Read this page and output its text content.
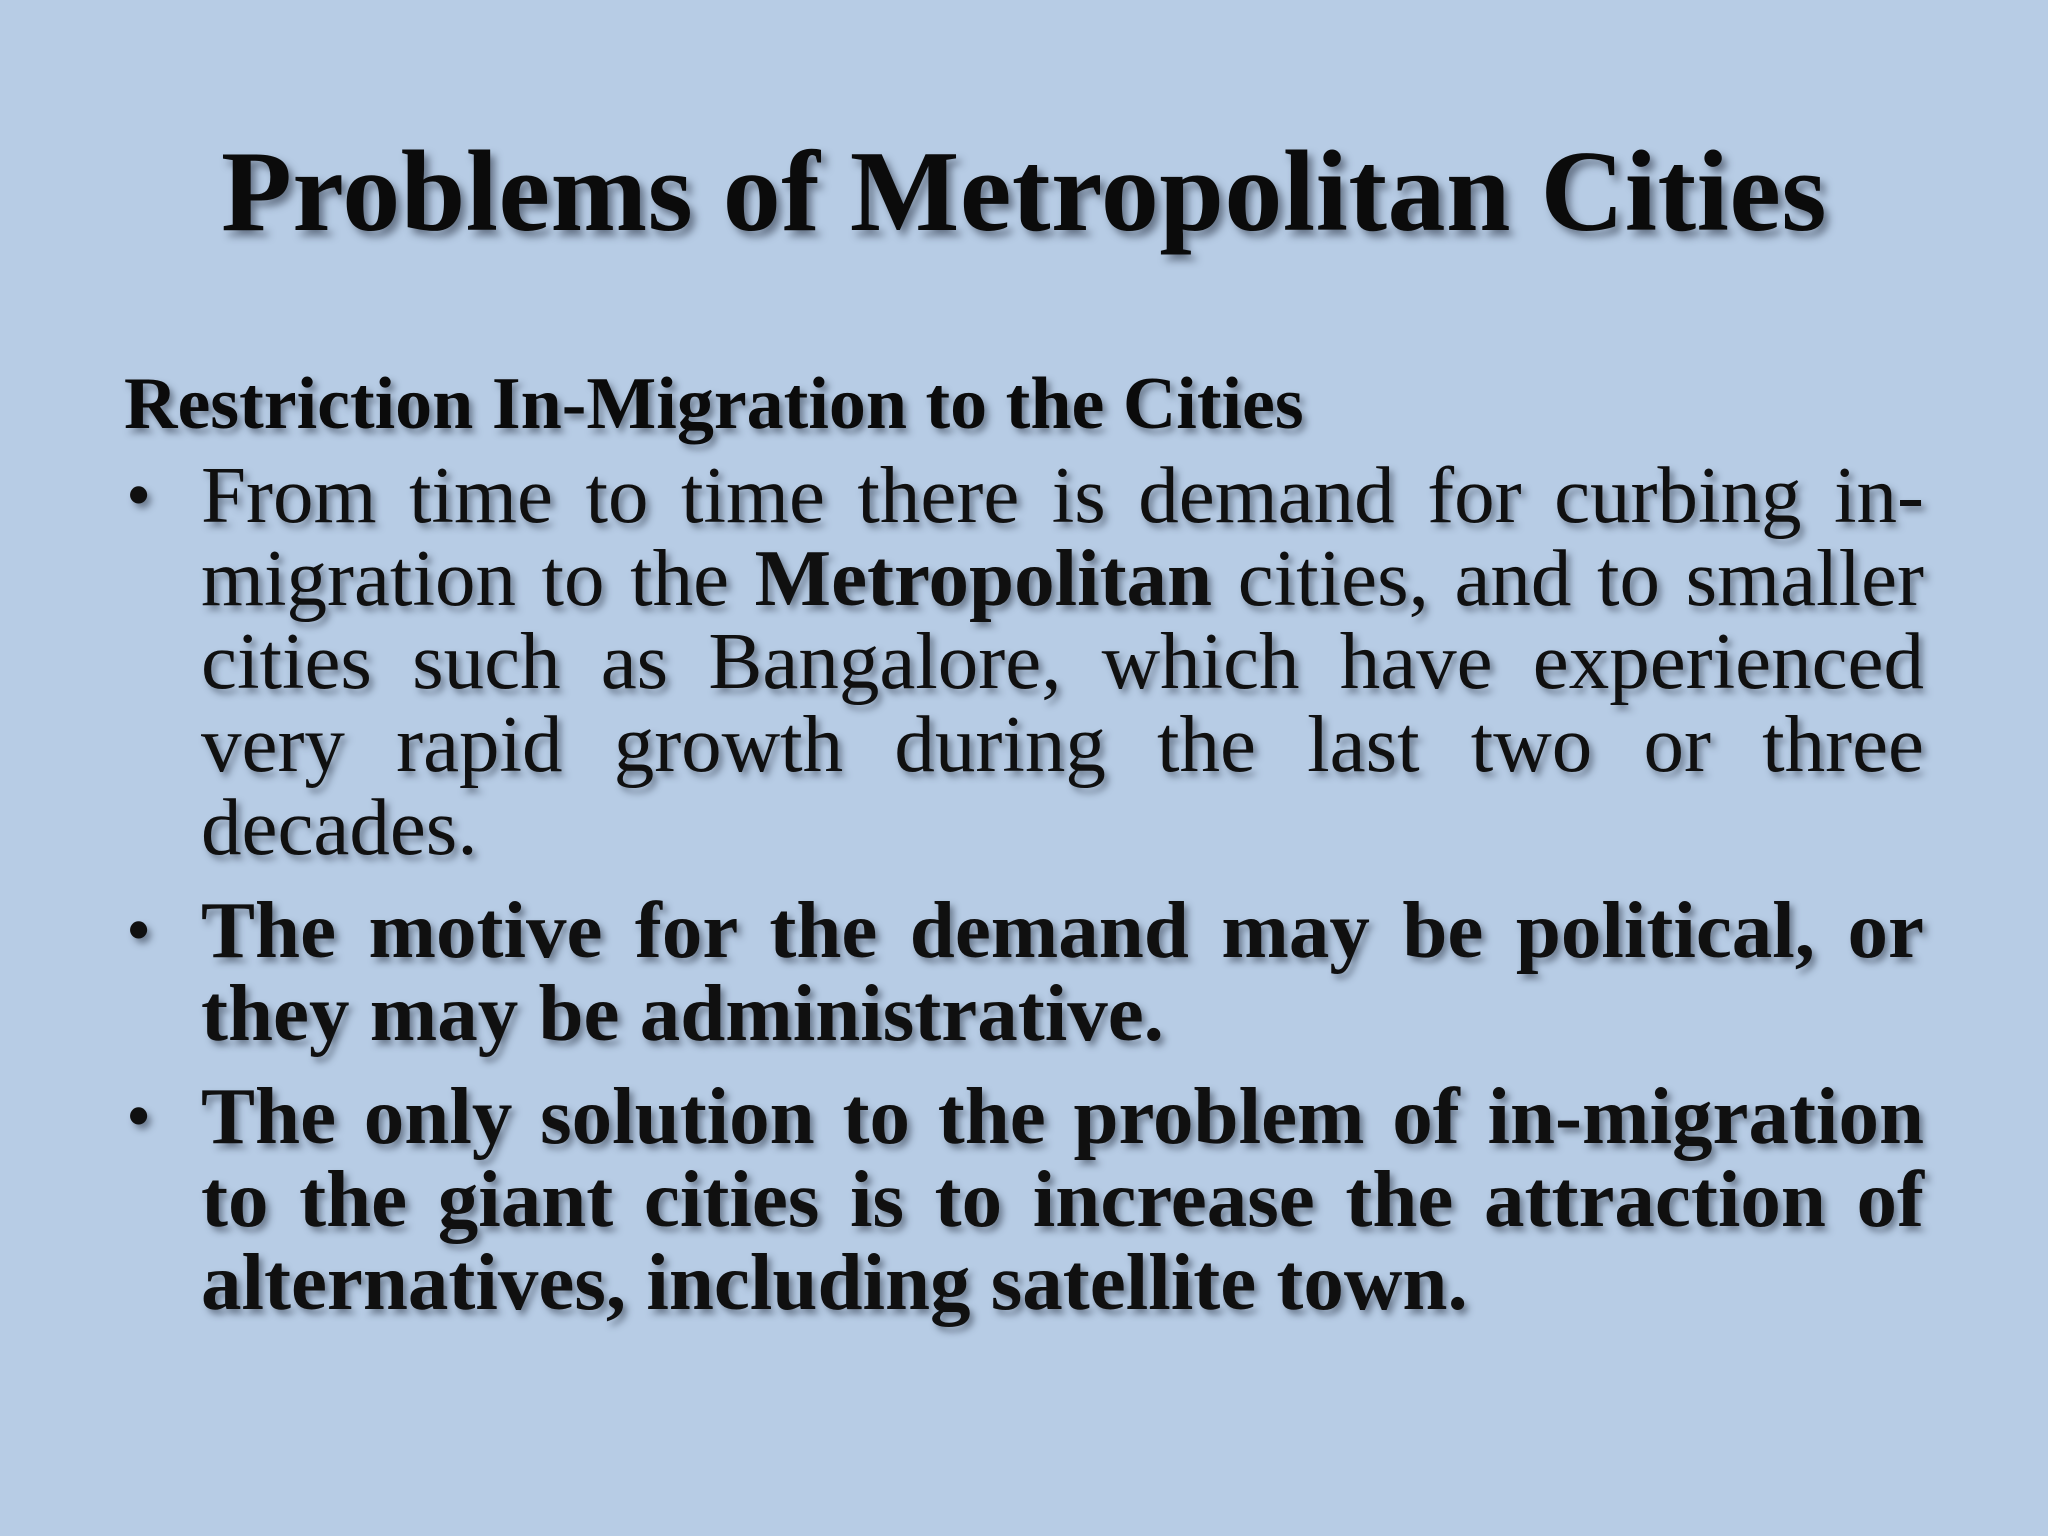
Problems of Metropolitan Cities

Restriction In-Migration to the Cities

• From time to time there is demand for curbing in-migration to the Metropolitan cities, and to smaller cities such as Bangalore, which have experienced very rapid growth during the last two or three decades.
• The motive for the demand may be political, or they may be administrative.
• The only solution to the problem of in-migration to the giant cities is to increase the attraction of alternatives, including satellite town.
